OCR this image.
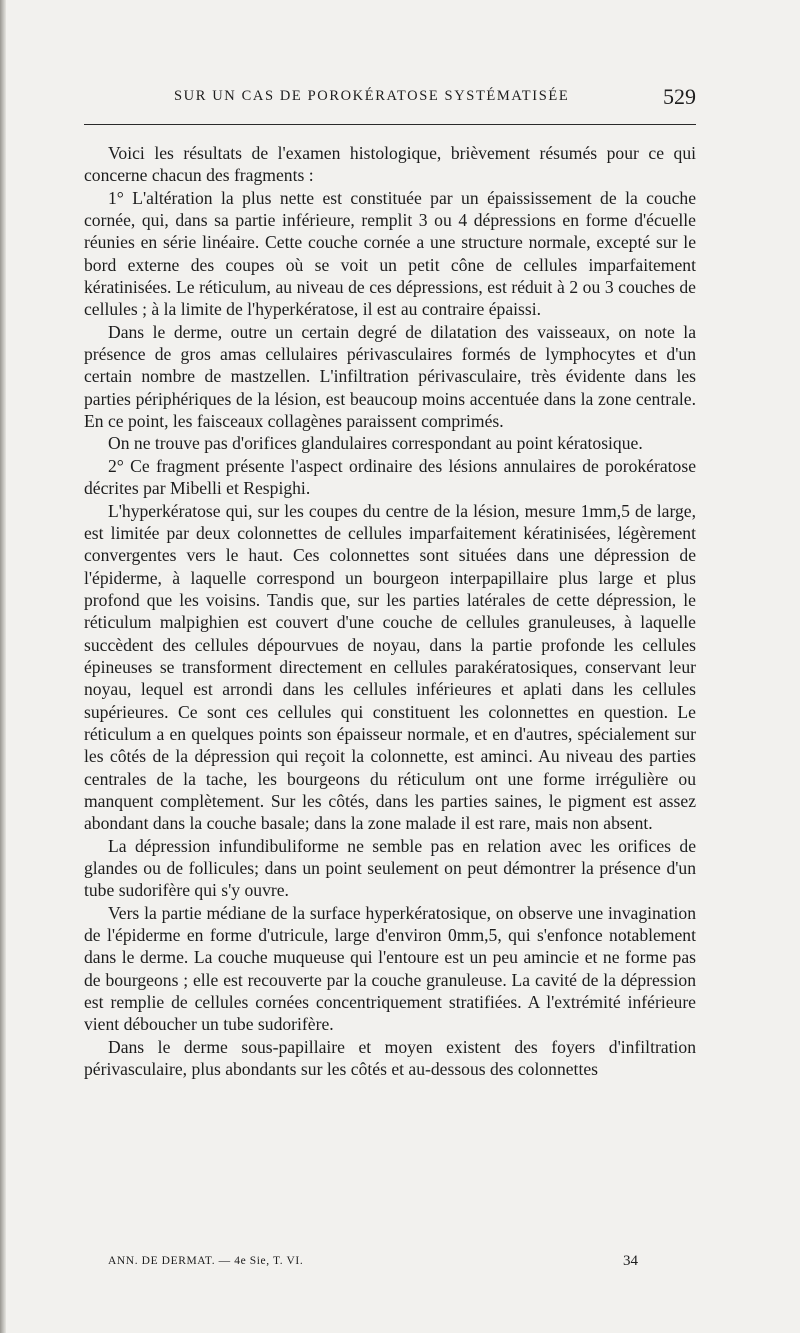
SUR UN CAS DE POROKÉRATOSE SYSTÉMATISÉE	529

Voici les résultats de l'examen histologique, brièvement résumés pour ce qui concerne chacun des fragments :

1° L'altération la plus nette est constituée par un épaississement de la couche cornée, qui, dans sa partie inférieure, remplit 3 ou 4 dépressions en forme d'écuelle réunies en série linéaire. Cette couche cornée a une structure normale, excepté sur le bord externe des coupes où se voit un petit cône de cellules imparfaitement kératinisées. Le réticulum, au niveau de ces dépressions, est réduit à 2 ou 3 couches de cellules ; à la limite de l'hyperkératose, il est au contraire épaissi.

Dans le derme, outre un certain degré de dilatation des vaisseaux, on note la présence de gros amas cellulaires périvasculaires formés de lymphocytes et d'un certain nombre de mastzellen. L'infiltration périvasculaire, très évidente dans les parties périphériques de la lésion, est beaucoup moins accentuée dans la zone centrale. En ce point, les faisceaux collagènes paraissent comprimés.

On ne trouve pas d'orifices glandulaires correspondant au point kératosique.

2° Ce fragment présente l'aspect ordinaire des lésions annulaires de porokératose décrites par Mibelli et Respighi.

L'hyperkératose qui, sur les coupes du centre de la lésion, mesure 1mm,5 de large, est limitée par deux colonnettes de cellules imparfaitement kératinisées, légèrement convergentes vers le haut. Ces colonnettes sont situées dans une dépression de l'épiderme, à laquelle correspond un bourgeon interpapillaire plus large et plus profond que les voisins. Tandis que, sur les parties latérales de cette dépression, le réticulum malpighien est couvert d'une couche de cellules granuleuses, à laquelle succèdent des cellules dépourvues de noyau, dans la partie profonde les cellules épineuses se transforment directement en cellules parakératosiques, conservant leur noyau, lequel est arrondi dans les cellules inférieures et aplati dans les cellules supérieures. Ce sont ces cellules qui constituent les colonnettes en question. Le réticulum a en quelques points son épaisseur normale, et en d'autres, spécialement sur les côtés de la dépression qui reçoit la colonnette, est aminci. Au niveau des parties centrales de la tache, les bourgeons du réticulum ont une forme irrégulière ou manquent complètement. Sur les côtés, dans les parties saines, le pigment est assez abondant dans la couche basale; dans la zone malade il est rare, mais non absent.

La dépression infundibuliforme ne semble pas en relation avec les orifices de glandes ou de follicules; dans un point seulement on peut démontrer la présence d'un tube sudorifère qui s'y ouvre.

Vers la partie médiane de la surface hyperkératosique, on observe une invagination de l'épiderme en forme d'utricule, large d'environ 0mm,5, qui s'enfonce notablement dans le derme. La couche muqueuse qui l'entoure est un peu amincie et ne forme pas de bourgeons ; elle est recouverte par la couche granuleuse. La cavité de la dépression est remplie de cellules cornées concentriquement stratifiées. A l'extrémité inférieure vient déboucher un tube sudorifère.

Dans le derme sous-papillaire et moyen existent des foyers d'infiltration périvasculaire, plus abondants sur les côtés et au-dessous des colonnettes

ANN. DE DERMAT. — 4e Sie, T. VI.	34
